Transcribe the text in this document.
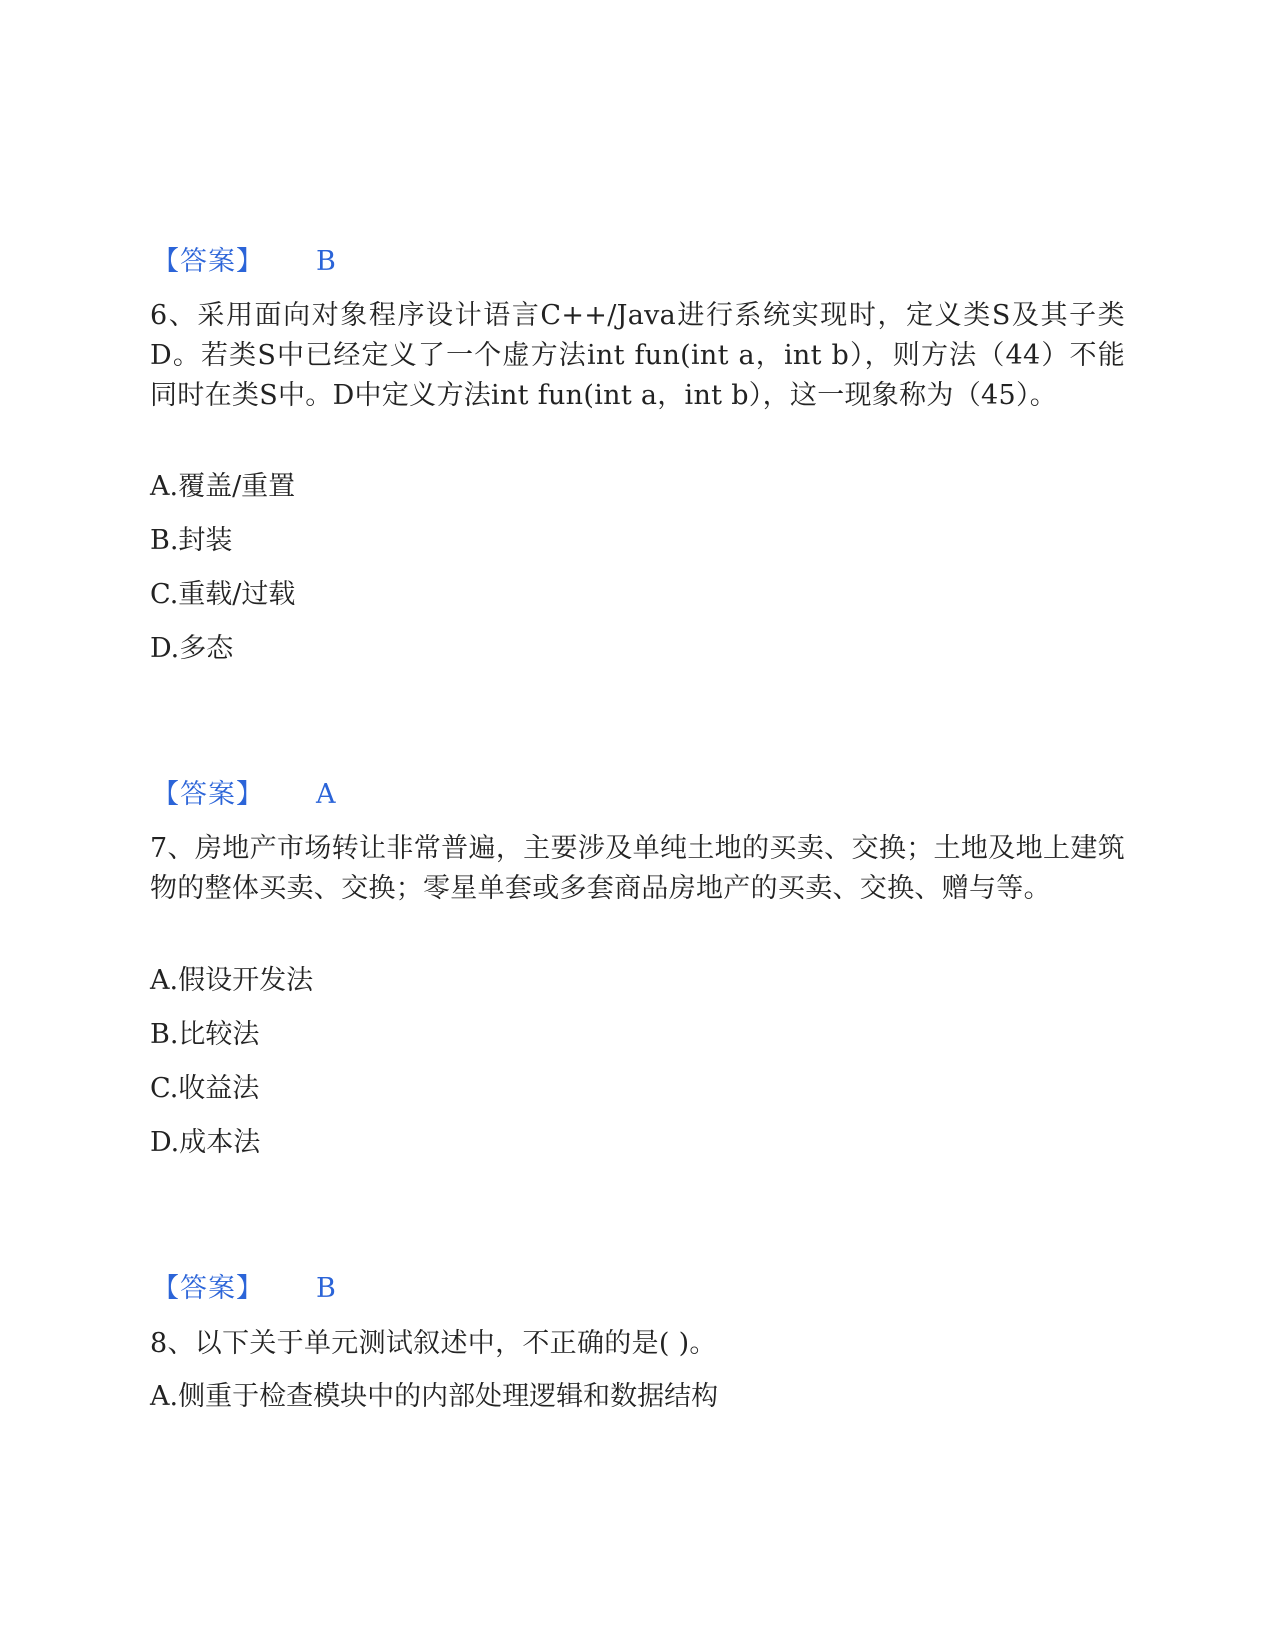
【答案】 B
6、采用面向对象程序设计语言C++/Java进行系统实现时，定义类S及其子类D。若类S中已经定义了一个虚方法int fun(int a，int b），则方法（44）不能同时在类S中。D中定义方法int fun(int a，int b），这一现象称为（45）。
A.覆盖/重置
B.封装
C.重载/过载
D.多态
【答案】 A
7、房地产市场转让非常普遍，主要涉及单纯土地的买卖、交换；土地及地上建筑物的整体买卖、交换；零星单套或多套商品房地产的买卖、交换、赠与等。
A.假设开发法
B.比较法
C.收益法
D.成本法
【答案】 B
8、以下关于单元测试叙述中，不正确的是( )。
A.侧重于检查模块中的内部处理逻辑和数据结构
